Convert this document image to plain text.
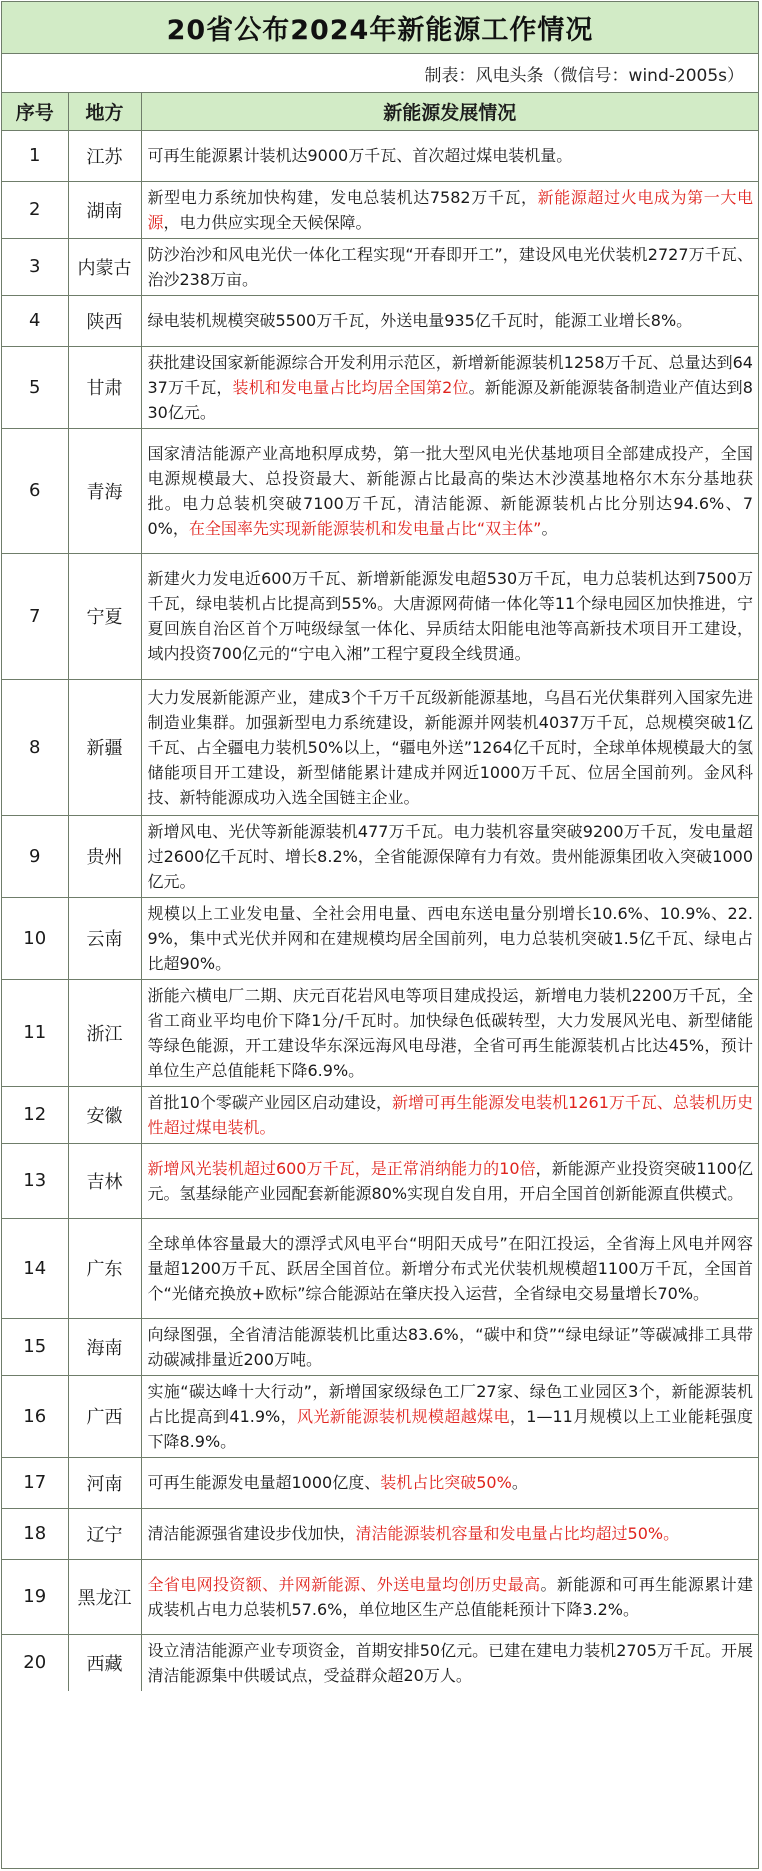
20省公布2024年新能源工作情况
制表：风电头条（微信号：wind-2005s）
序号	地方	新能源发展情况
1	江苏	可再生能源累计装机达9000万千瓦、首次超过煤电装机量。
2	湖南	新型电力系统加快构建，发电总装机达7582万千瓦，新能源超过火电成为第一大电源，电力供应实现全天候保障。
3	内蒙古	防沙治沙和风电光伏一体化工程实现“开春即开工”，建设风电光伏装机2727万千瓦、治沙238万亩。
4	陕西	绿电装机规模突破5500万千瓦，外送电量935亿千瓦时，能源工业增长8%。
5	甘肃	获批建设国家新能源综合开发利用示范区，新增新能源装机1258万千瓦、总量达到6437万千瓦，装机和发电量占比均居全国第2位。新能源及新能源装备制造业产值达到830亿元。
6	青海	国家清洁能源产业高地积厚成势，第一批大型风电光伏基地项目全部建成投产，全国电源规模最大、总投资最大、新能源占比最高的柴达木沙漠基地格尔木东分基地获批。电力总装机突破7100万千瓦，清洁能源、新能源装机占比分别达94.6%、70%，在全国率先实现新能源装机和发电量占比“双主体”。
7	宁夏	新建火力发电近600万千瓦、新增新能源发电超530万千瓦，电力总装机达到7500万千瓦，绿电装机占比提高到55%。大唐源网荷储一体化等11个绿电园区加快推进，宁夏回族自治区首个万吨级绿氢一体化、异质结太阳能电池等高新技术项目开工建设，域内投资700亿元的“宁电入湘”工程宁夏段全线贯通。
8	新疆	大力发展新能源产业，建成3个千万千瓦级新能源基地，乌昌石光伏集群列入国家先进制造业集群。加强新型电力系统建设，新能源并网装机4037万千瓦，总规模突破1亿千瓦、占全疆电力装机50%以上，“疆电外送”1264亿千瓦时，全球单体规模最大的氢储能项目开工建设，新型储能累计建成并网近1000万千瓦、位居全国前列。金风科技、新特能源成功入选全国链主企业。
9	贵州	新增风电、光伏等新能源装机477万千瓦。电力装机容量突破9200万千瓦，发电量超过2600亿千瓦时、增长8.2%，全省能源保障有力有效。贵州能源集团收入突破1000亿元。
10	云南	规模以上工业发电量、全社会用电量、西电东送电量分别增长10.6%、10.9%、22.9%，集中式光伏并网和在建规模均居全国前列，电力总装机突破1.5亿千瓦、绿电占比超90%。
11	浙江	浙能六横电厂二期、庆元百花岩风电等项目建成投运，新增电力装机2200万千瓦，全省工商业平均电价下降1分/千瓦时。加快绿色低碳转型，大力发展风光电、新型储能等绿色能源，开工建设华东深远海风电母港，全省可再生能源装机占比达45%，预计单位生产总值能耗下降6.9%。
12	安徽	首批10个零碳产业园区启动建设，新增可再生能源发电装机1261万千瓦、总装机历史性超过煤电装机。
13	吉林	新增风光装机超过600万千瓦，是正常消纳能力的10倍，新能源产业投资突破1100亿元。氢基绿能产业园配套新能源80%实现自发自用，开启全国首创新能源直供模式。
14	广东	全球单体容量最大的漂浮式风电平台“明阳天成号”在阳江投运，全省海上风电并网容量超1200万千瓦、跃居全国首位。新增分布式光伏装机规模超1100万千瓦，全国首个“光储充换放+欧标”综合能源站在肇庆投入运营，全省绿电交易量增长70%。
15	海南	向绿图强，全省清洁能源装机比重达83.6%，“碳中和贷”“绿电绿证”等碳减排工具带动碳减排量近200万吨。
16	广西	实施“碳达峰十大行动”，新增国家级绿色工厂27家、绿色工业园区3个，新能源装机占比提高到41.9%，风光新能源装机规模超越煤电，1—11月规模以上工业能耗强度下降8.9%。
17	河南	可再生能源发电量超1000亿度、装机占比突破50%。
18	辽宁	清洁能源强省建设步伐加快，清洁能源装机容量和发电量占比均超过50%。
19	黑龙江	全省电网投资额、并网新能源、外送电量均创历史最高。新能源和可再生能源累计建成装机占电力总装机57.6%，单位地区生产总值能耗预计下降3.2%。
20	西藏	设立清洁能源产业专项资金，首期安排50亿元。已建在建电力装机2705万千瓦。开展清洁能源集中供暖试点，受益群众超20万人。
